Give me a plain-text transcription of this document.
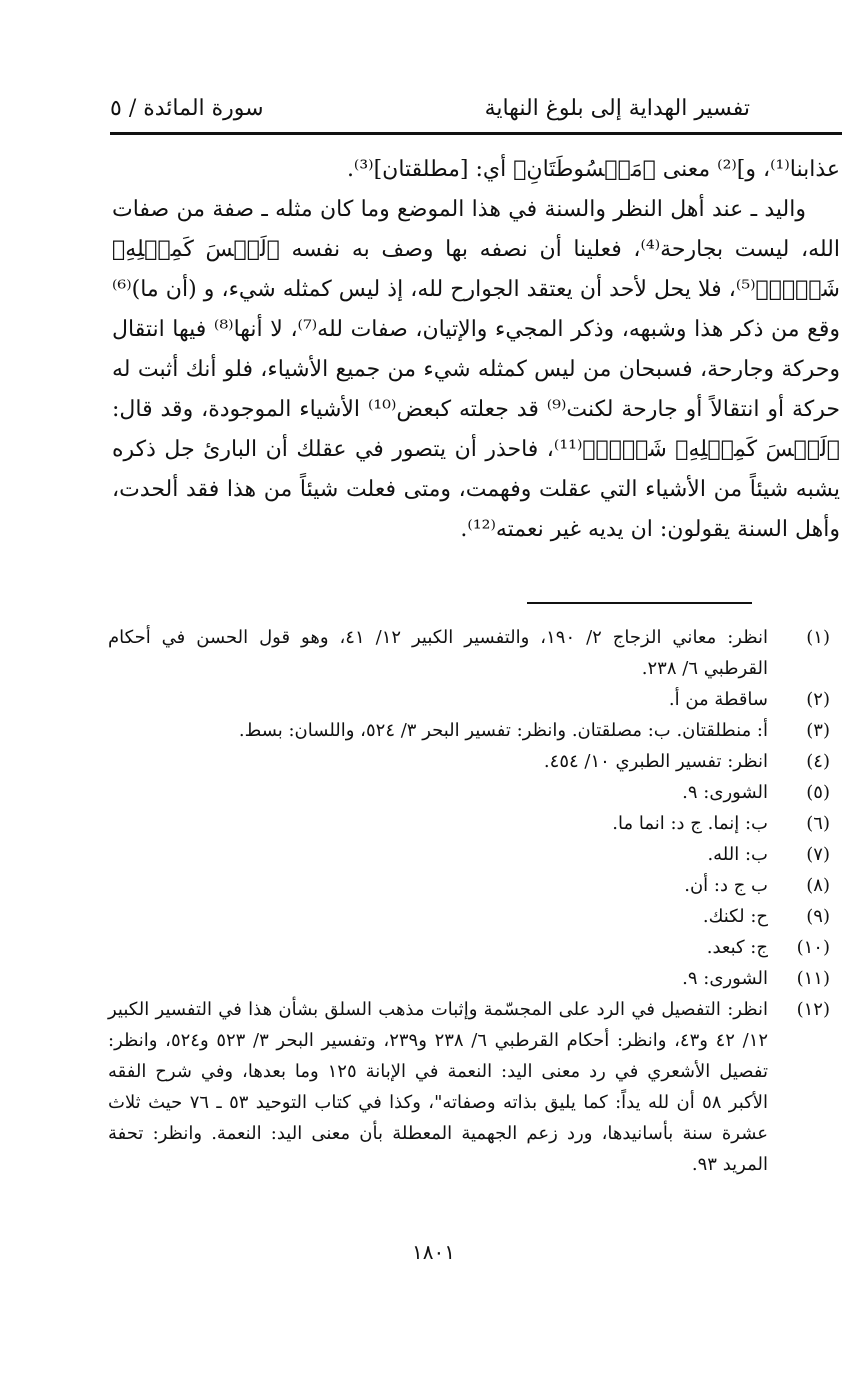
تفسير الهداية إلى بلوغ النهاية
سورة المائدة / ٥

عذابنا⁽¹⁾، و]⁽²⁾ معنى ﴿مَبۡسُوطَتَانِ﴾ أي: [مطلقتان]⁽³⁾.

واليد ـ عند أهل النظر والسنة في هذا الموضع وما كان مثله ـ صفة من صفات الله، ليست بجارحة⁽⁴⁾، فعلينا أن نصفه بها وصف به نفسه ﴿لَيۡسَ كَمِثۡلِهِۦ شَيۡءٞ﴾⁽⁵⁾، فلا يحل لأحد أن يعتقد الجوارح لله، إذ ليس كمثله شيء، و (أن ما)⁽⁶⁾ وقع من ذكر هذا وشبهه، وذكر المجيء والإتيان، صفات لله⁽⁷⁾، لا أنها⁽⁸⁾ فيها انتقال وحركة وجارحة، فسبحان من ليس كمثله شيء من جميع الأشياء، فلو أنك أثبت له حركة أو انتقالاً أو جارحة لكنت⁽⁹⁾ قد جعلته كبعض⁽¹⁰⁾ الأشياء الموجودة، وقد قال: ﴿لَيۡسَ كَمِثۡلِهِۦ شَيۡءٞ﴾⁽¹¹⁾، فاحذر أن يتصور في عقلك أن البارئ جل ذكره يشبه شيئاً من الأشياء التي عقلت وفهمت، ومتى فعلت شيئاً من هذا فقد ألحدت، وأهل السنة يقولون: ان يديه غير نعمته⁽¹²⁾.

(١)
انظر: معاني الزجاج ٢/ ١٩٠، والتفسير الكبير ١٢/ ٤١، وهو قول الحسن في أحكام القرطبي ٦/ ٢٣٨.
(٢)
ساقطة من أ.
(٣)
أ: منطلقتان. ب: مصلقتان. وانظر: تفسير البحر ٣/ ٥٢٤، واللسان: بسط.
(٤)
انظر: تفسير الطبري ١٠/ ٤٥٤.
(٥)
الشورى: ٩.
(٦)
ب: إنما. ج د: انما ما.
(٧)
ب: الله.
(٨)
ب ج د: أن.
(٩)
ح: لكنك.
(١٠)
ج: كبعد.
(١١)
الشورى: ٩.
(١٢)
انظر: التفصيل في الرد على المجسّمة وإثبات مذهب السلق بشأن هذا في التفسير الكبير ١٢/ ٤٢ و٤٣، وانظر: أحكام القرطبي ٦/ ٢٣٨ و٢٣٩، وتفسير البحر ٣/ ٥٢٣ و٥٢٤، وانظر: تفصيل الأشعري في رد معنى اليد: النعمة في الإبانة ١٢٥ وما بعدها، وفي شرح الفقه الأكبر ٥٨ أن لله يداً: كما يليق بذاته وصفاته"، وكذا في كتاب التوحيد ٥٣ ـ ٧٦ حيث ثلاث عشرة سنة بأسانيدها، ورد زعم الجهمية المعطلة بأن معنى اليد: النعمة. وانظر: تحفة المريد ٩٣.
١٨٠١
